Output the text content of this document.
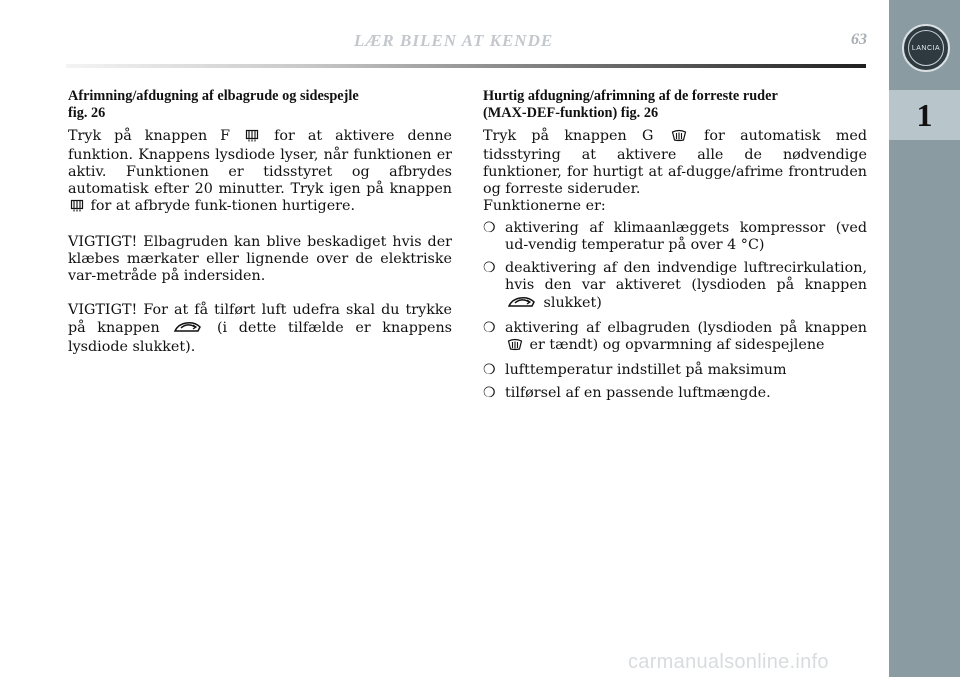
LÆR BILEN AT KENDE	63	LANCIA
1
Afrimning/afdugning af elbagrude og sidespejle
fig. 26

Tryk på knappen F	for at aktivere denne funktion. Knappens lysdiode lyser, når funktionen er aktiv. Funktionen er tidsstyret og afbrydes automatisk efter 20 minutter. Tryk igen på knappen  for at afbryde funk-tionen hurtigere.

VIGTIGT! Elbagruden kan blive beskadiget hvis der klæbes mærkater eller lignende over de elektriske var-metråde på indersiden.

VIGTIGT! For at få tilført luft udefra skal du trykke på knappen	(i dette tilfælde er knappens lysdiode slukket).

Hurtig afdugning/afrimning af de forreste ruder
(MAX-DEF-funktion) fig. 26

Tryk på knappen G	for automatisk med tidsstyring at aktivere alle de nødvendige funktioner, for hurtigt at af-dugge/afrime frontruden og forreste sideruder.
Funktionerne er:

❍ aktivering af klimaanlæggets kompressor (ved ud-vendig temperatur på over 4 °C)
❍ deaktivering af den indvendige luftrecirkulation, hvis den var aktiveret (lysdioden på knappen  slukket)
❍ aktivering af elbagruden (lysdioden på knappen  er tændt) og opvarmning af sidespejlene
❍ lufttemperatur indstillet på maksimum
❍ tilførsel af en passende luftmængde.
carmanualsonline.info
